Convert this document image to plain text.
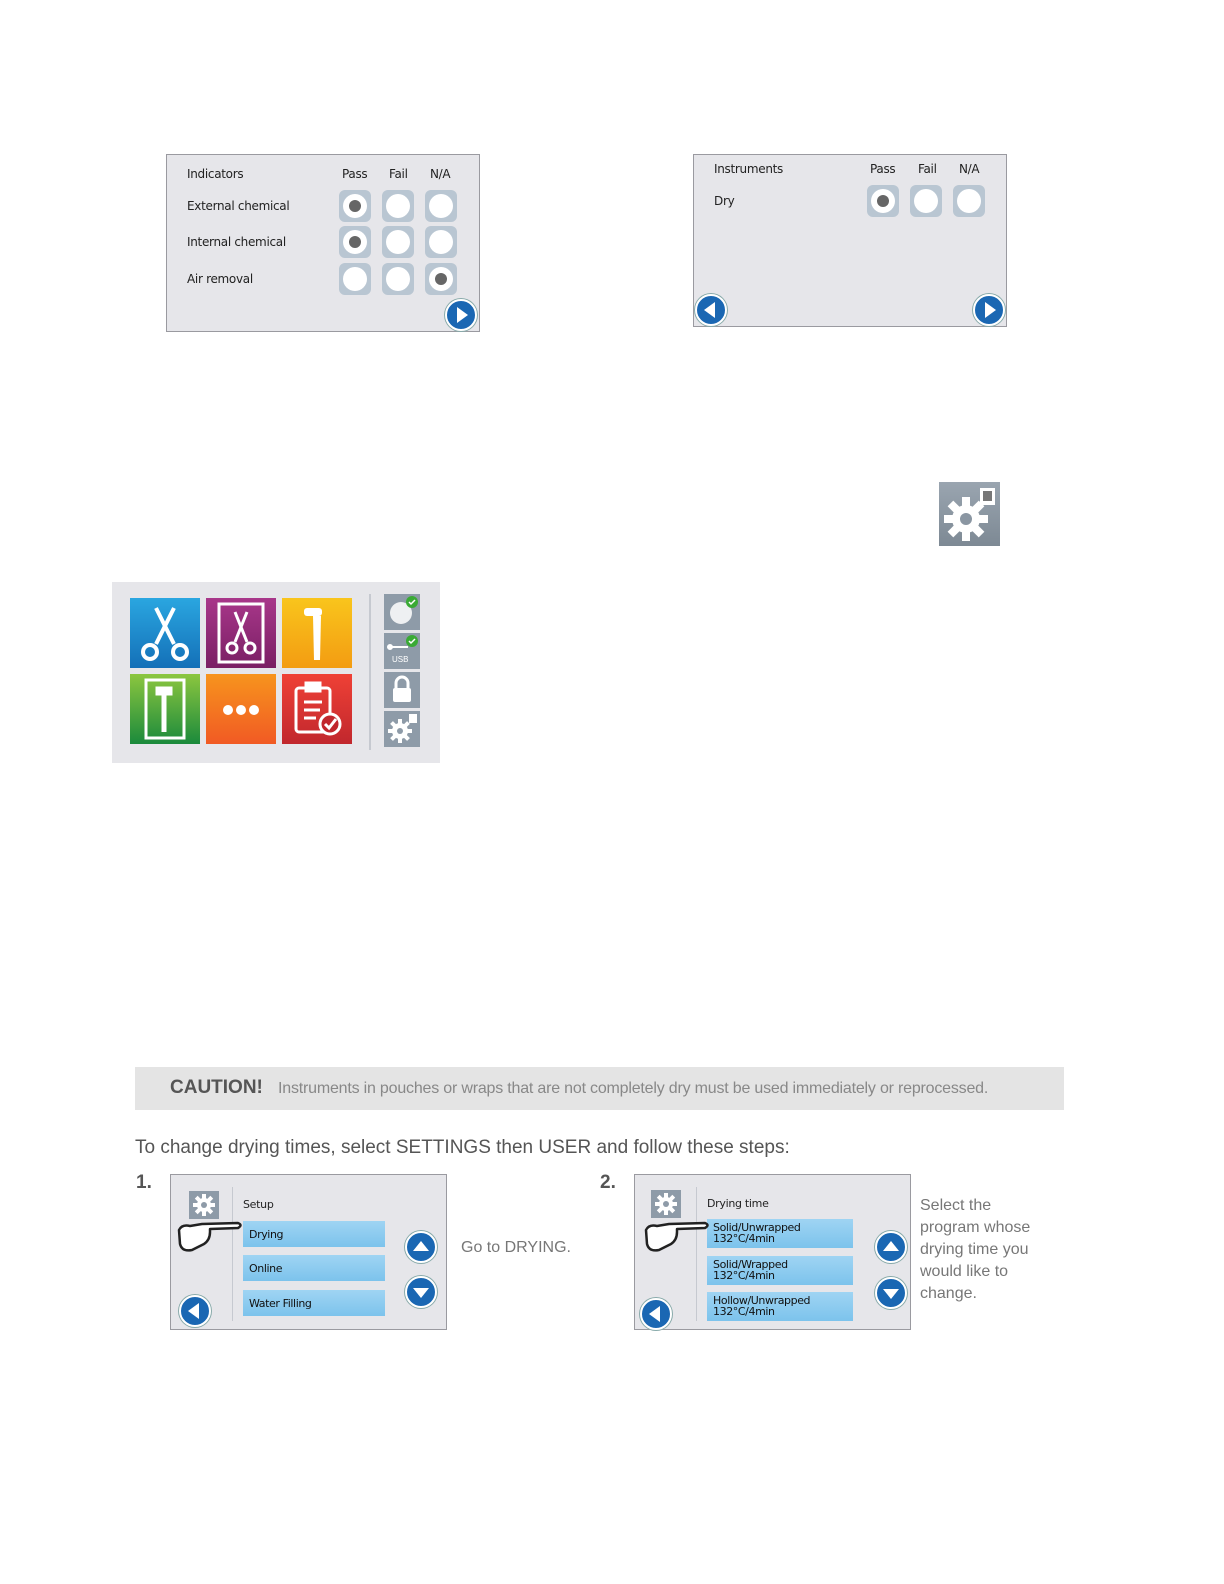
Indicators	Pass Fail N/A
External chemical
Internal chemical
Air removal
Instruments	Pass Fail N/A
Dry
USB
CAUTION! Instruments in pouches or wraps that are not completely dry must be used immediately or reprocessed.
To change drying times, select SETTINGS then USER and follow these steps:
1.
Setup
Drying
Online
Water Filling
Go to DRYING.
2.
Drying time
Solid/Unwrapped
132°C/4min
Solid/Wrapped
132°C/4min
Hollow/Unwrapped
132°C/4min
Select the
program whose
drying time you
would like to
change.
